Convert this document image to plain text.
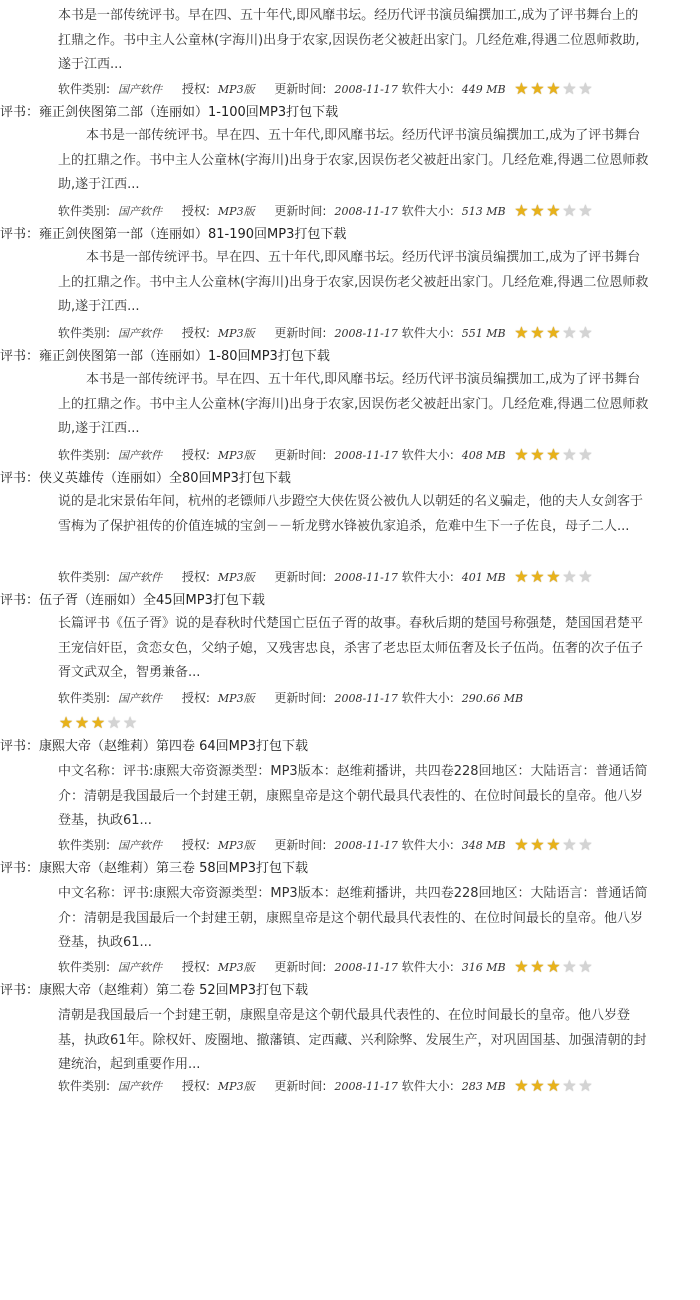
本书是一部传统评书。早在四、五十年代,即风靡书坛。经历代评书演员编撰加工,成为了评书舞台上的扛鼎之作。书中主人公童林(字海川)出身于农家,因误伤老父被赶出家门。几经危难,得遇二位恩师救助,遂于江西...
软件类别: 国产软件 授权: MP3版 更新时间: 2008-11-17 软件大小: 449 MB ★ ★ ★ ★ ★
评书：雍正剑侠图第二部（连丽如）1-100回MP3打包下载
本书是一部传统评书。早在四、五十年代,即风靡书坛。经历代评书演员编撰加工,成为了评书舞台上的扛鼎之作。书中主人公童林(字海川)出身于农家,因误伤老父被赶出家门。几经危难,得遇二位恩师救助,遂于江西...
软件类别: 国产软件 授权: MP3版 更新时间: 2008-11-17 软件大小: 513 MB ★ ★ ★ ★ ★
评书：雍正剑侠图第一部（连丽如）81-190回MP3打包下载
本书是一部传统评书。早在四、五十年代,即风靡书坛。经历代评书演员编撰加工,成为了评书舞台上的扛鼎之作。书中主人公童林(字海川)出身于农家,因误伤老父被赶出家门。几经危难,得遇二位恩师救助,遂于江西...
软件类别: 国产软件 授权: MP3版 更新时间: 2008-11-17 软件大小: 551 MB ★ ★ ★ ★ ★
评书：雍正剑侠图第一部（连丽如）1-80回MP3打包下载
本书是一部传统评书。早在四、五十年代,即风靡书坛。经历代评书演员编撰加工,成为了评书舞台上的扛鼎之作。书中主人公童林(字海川)出身于农家,因误伤老父被赶出家门。几经危难,得遇二位恩师救助,遂于江西...
软件类别: 国产软件 授权: MP3版 更新时间: 2008-11-17 软件大小: 408 MB ★ ★ ★ ★ ★
评书：侠义英雄传（连丽如）全80回MP3打包下载
说的是北宋景佑年间，杭州的老镖师八步蹬空大侠佐贤公被仇人以朝廷的名义骗走，他的夫人女剑客于雪梅为了保护祖传的价值连城的宝剑－－斩龙劈水锋被仇家追杀，危难中生下一子佐良，母子二人...
软件类别: 国产软件 授权: MP3版 更新时间: 2008-11-17 软件大小: 401 MB ★ ★ ★ ★ ★
评书：伍子胥（连丽如）全45回MP3打包下载
长篇评书《伍子胥》说的是春秋时代楚国亡臣伍子胥的故事。春秋后期的楚国号称强楚，楚国国君楚平王宠信奸臣，贪恋女色，父纳子媳，又残害忠良，杀害了老忠臣太师伍奢及长子伍尚。伍奢的次子伍子胥文武双全，智勇兼备...
软件类别: 国产软件 授权: MP3版 更新时间: 2008-11-17 软件大小: 290.66 MB
★ ★ ★ ★ ★
评书：康熙大帝（赵维莉）第四卷 64回MP3打包下载
中文名称：评书:康熙大帝资源类型：MP3版本：赵维莉播讲，共四卷228回地区：大陆语言：普通话简介：清朝是我国最后一个封建王朝，康熙皇帝是这个朝代最具代表性的、在位时间最长的皇帝。他八岁登基，执政61...
软件类别: 国产软件 授权: MP3版 更新时间: 2008-11-17 软件大小: 348 MB ★ ★ ★ ★ ★
评书：康熙大帝（赵维莉）第三卷 58回MP3打包下载
中文名称：评书:康熙大帝资源类型：MP3版本：赵维莉播讲，共四卷228回地区：大陆语言：普通话简介：清朝是我国最后一个封建王朝，康熙皇帝是这个朝代最具代表性的、在位时间最长的皇帝。他八岁登基，执政61...
软件类别: 国产软件 授权: MP3版 更新时间: 2008-11-17 软件大小: 316 MB ★ ★ ★ ★ ★
评书：康熙大帝（赵维莉）第二卷 52回MP3打包下载
清朝是我国最后一个封建王朝，康熙皇帝是这个朝代最具代表性的、在位时间最长的皇帝。他八岁登基，执政61年。除权奸、废圈地、撤藩镇、定西藏、兴利除弊、发展生产，对巩固国基、加强清朝的封建统治，起到重要作用...
软件类别: 国产软件 授权: MP3版 更新时间: 2008-11-17 软件大小: 283 MB ★ ★ ★ ★ ★
